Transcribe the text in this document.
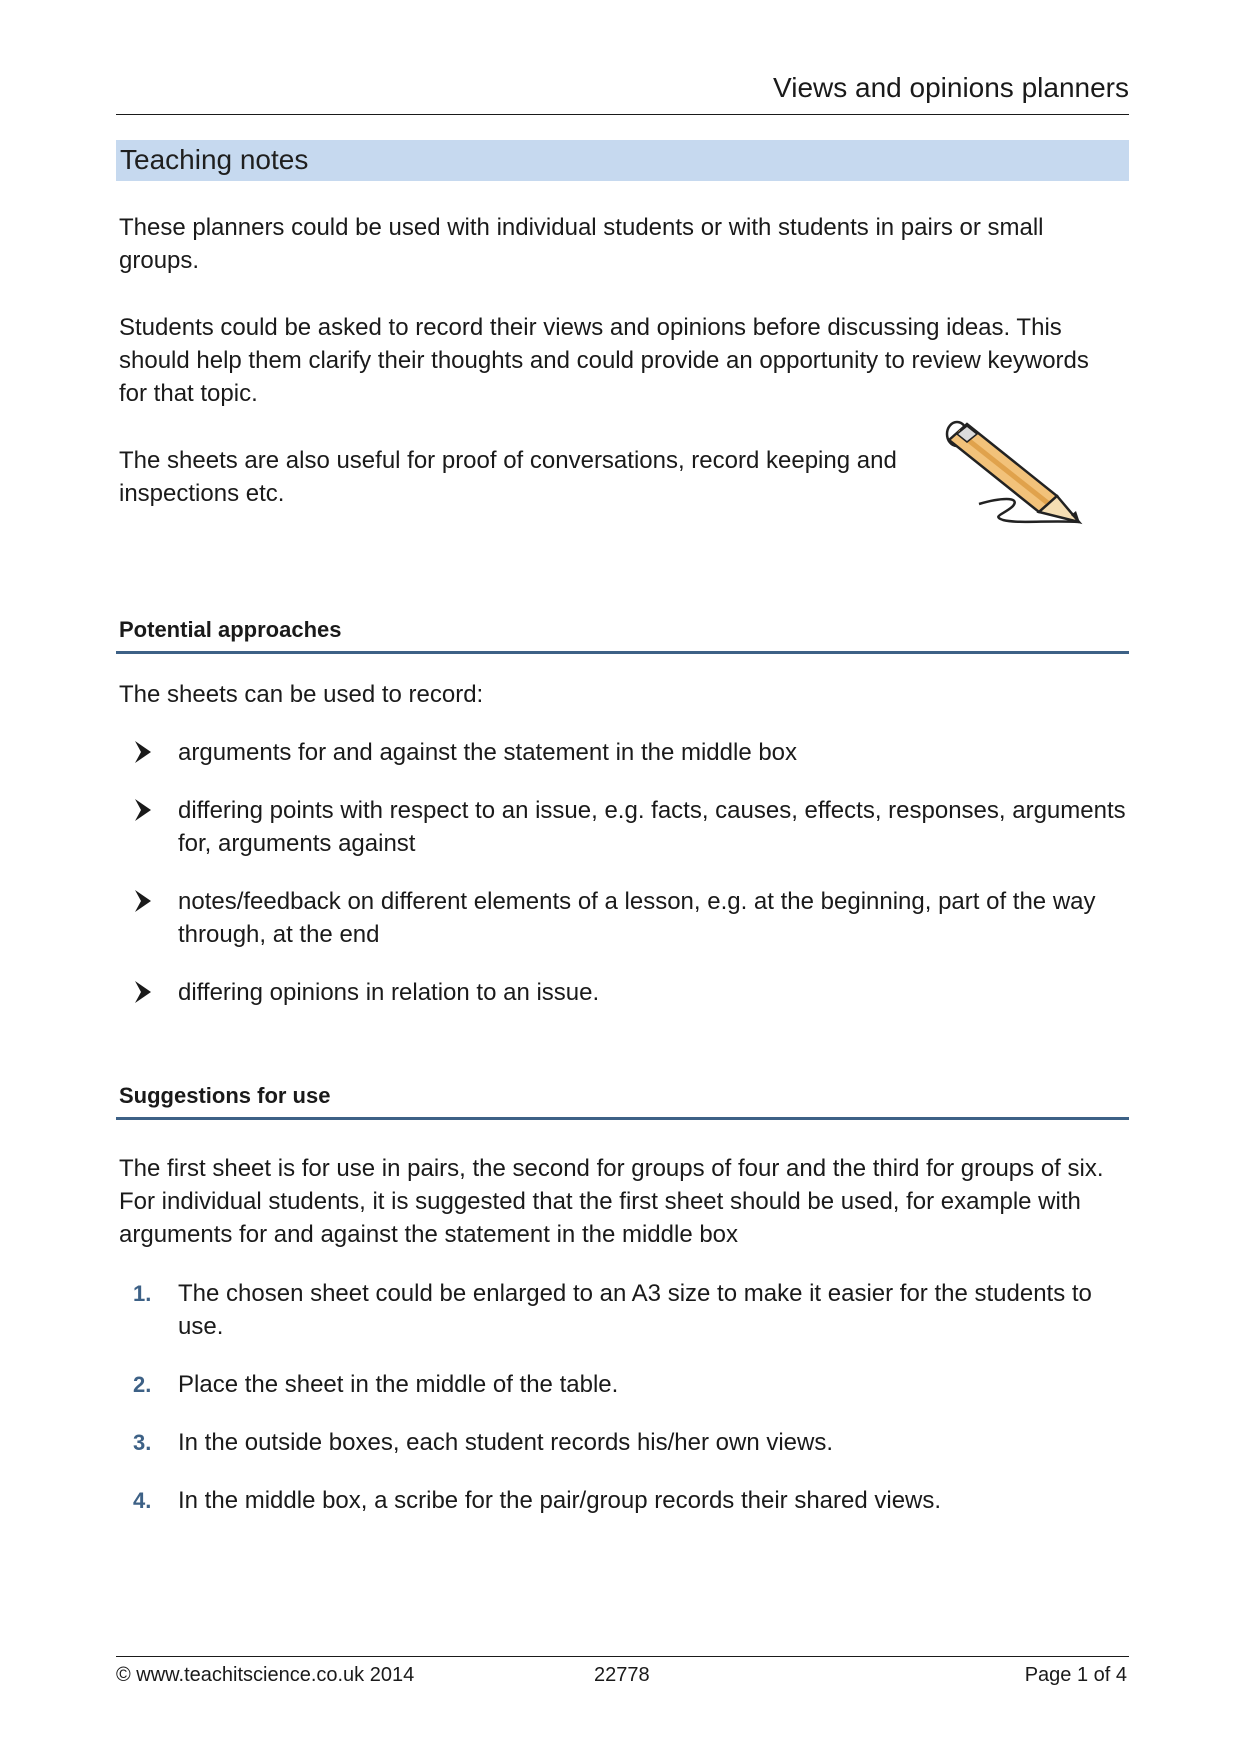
Views and opinions planners
Teaching notes
These planners could be used with individual students or with students in pairs or small groups.
Students could be asked to record their views and opinions before discussing ideas. This should help them clarify their thoughts and could provide an opportunity to review keywords for that topic.
The sheets are also useful for proof of conversations, record keeping and inspections etc.
Potential approaches
The sheets can be used to record:
arguments for and against the statement in the middle box
differing points with respect to an issue, e.g. facts, causes, effects, responses, arguments for, arguments against
notes/feedback on different elements of a lesson, e.g. at the beginning, part of the way through, at the end
differing opinions in relation to an issue.
Suggestions for use
The first sheet is for use in pairs, the second for groups of four and the third for groups of six. For individual students, it is suggested that the first sheet should be used, for example with arguments for and against the statement in the middle box
1. The chosen sheet could be enlarged to an A3 size to make it easier for the students to use.
2. Place the sheet in the middle of the table.
3. In the outside boxes, each student records his/her own views.
4. In the middle box, a scribe for the pair/group records their shared views.
© www.teachitscience.co.uk 2014	22778	Page 1 of 4
